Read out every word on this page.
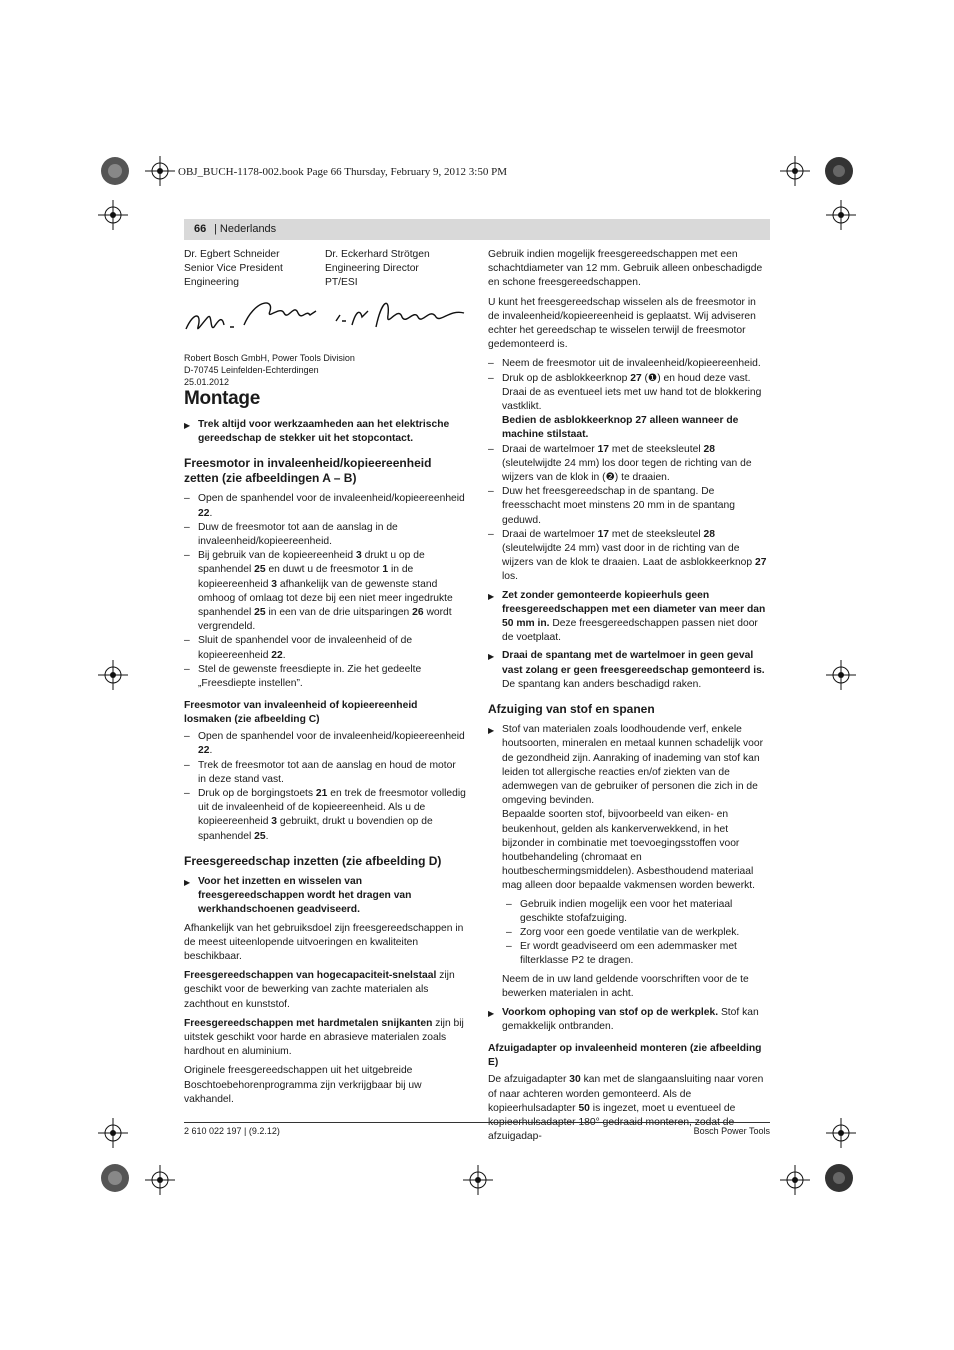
OBJ_BUCH-1178-002.book Page 66 Thursday, February 9, 2012 3:50 PM
66 | Nederlands
Dr. Egbert Schneider
Senior Vice President
Engineering
Dr. Eckerhard Strötgen
Engineering Director
PT/ESI
Robert Bosch GmbH, Power Tools Division
D-70745 Leinfelden-Echterdingen
25.01.2012
Montage
▶ Trek altijd voor werkzaamheden aan het elektrische gereedschap de stekker uit het stopcontact.
Freesmotor in invaleenheid/kopieereenheid zetten (zie afbeeldingen A – B)
– Open de spanhendel voor de invaleenheid/kopieereenheid 22.
– Duw de freesmotor tot aan de aanslag in de invaleenheid/kopieereenheid.
– Bij gebruik van de kopieereenheid 3 drukt u op de spanhendel 25 en duwt u de freesmotor 1 in de kopieereenheid 3 afhankelijk van de gewenste stand omhoog of omlaag tot deze bij een niet meer ingedrukte spanhendel 25 in een van de drie uitsparingen 26 wordt vergrendeld.
– Sluit de spanhendel voor de invaleenheid of de kopieereenheid 22.
– Stel de gewenste freesdiepte in. Zie het gedeelte „Freesdiepte instellen”.
Freesmotor van invaleenheid of kopieereenheid losmaken (zie afbeelding C)
– Open de spanhendel voor de invaleenheid/kopieereenheid 22.
– Trek de freesmotor tot aan de aanslag en houd de motor in deze stand vast.
– Druk op de borgingstoets 21 en trek de freesmotor volledig uit de invaleenheid of de kopieereenheid. Als u de kopieereenheid 3 gebruikt, drukt u bovendien op de spanhendel 25.
Freesgereedschap inzetten (zie afbeelding D)
▶ Voor het inzetten en wisselen van freesgereedschappen wordt het dragen van werkhandschoenen geadviseerd.

Afhankelijk van het gebruiksdoel zijn freesgereedschappen in de meest uiteenlopende uitvoeringen en kwaliteiten beschikbaar.

Freesgereedschappen van hogecapaciteit-snelstaal zijn geschikt voor de bewerking van zachte materialen als zachthout en kunststof.

Freesgereedschappen met hardmetalen snijkanten zijn bij uitstek geschikt voor harde en abrasieve materialen zoals hardhout en aluminium.

Originele freesgereedschappen uit het uitgebreide Boschtoebehorenprogramma zijn verkrijgbaar bij uw vakhandel.

Gebruik indien mogelijk freesgereedschappen met een schachtdiameter van 12 mm. Gebruik alleen onbeschadigde en schone freesgereedschappen.

U kunt het freesgereedschap wisselen als de freesmotor in de invaleenheid/kopieereenheid is geplaatst. Wij adviseren echter het gereedschap te wisselen terwijl de freesmotor gedemonteerd is.

– Neem de freesmotor uit de invaleenheid/kopieereenheid.
– Druk op de asblokkeerknop 27 (❶) en houd deze vast. Draai de as eventueel iets met uw hand tot de blokkering vastklikt.
Bedien de asblokkeerknop 27 alleen wanneer de machine stilstaat.
– Draai de wartelmoer 17 met de steeksleutel 28 (sleutelwijdte 24 mm) los door tegen de richting van de wijzers van de klok in (❷) te draaien.
– Duw het freesgereedschap in de spantang. De freesschacht moet minstens 20 mm in de spantang geduwd.
– Draai de wartelmoer 17 met de steeksleutel 28 (sleutelwijdte 24 mm) vast door in de richting van de wijzers van de klok te draaien. Laat de asblokkeerknop 27 los.
▶ Zet zonder gemonteerde kopieerhuls geen freesgereedschappen met een diameter van meer dan 50 mm in. Deze freesgereedschappen passen niet door de voetplaat.
▶ Draai de spantang met de wartelmoer in geen geval vast zolang er geen freesgereedschap gemonteerd is. De spantang kan anders beschadigd raken.
Afzuiging van stof en spanen
▶ Stof van materialen zoals loodhoudende verf, enkele houtsoorten, mineralen en metaal kunnen schadelijk voor de gezondheid zijn. Aanraking of inademing van stof kan leiden tot allergische reacties en/of ziekten van de ademwegen van de gebruiker of personen die zich in de omgeving bevinden.
Bepaalde soorten stof, bijvoorbeeld van eiken- en beukenhout, gelden als kankerverwekkend, in het bijzonder in combinatie met toevoegingsstoffen voor houtbehandeling (chromaat en houtbeschermingsmiddelen). Asbesthoudend materiaal mag alleen door bepaalde vakmensen worden bewerkt.
– Gebruik indien mogelijk een voor het materiaal geschikte stofafzuiging.
– Zorg voor een goede ventilatie van de werkplek.
– Er wordt geadviseerd om een ademmasker met filterklasse P2 te dragen.

Neem de in uw land geldende voorschriften voor de te bewerken materialen in acht.

▶ Voorkom ophoping van stof op de werkplek. Stof kan gemakkelijk ontbranden.
Afzuigadapter op invaleenheid monteren (zie afbeelding E)

De afzuigadapter 30 kan met de slangaansluiting naar voren of naar achteren worden gemonteerd. Als de kopieerhulsadapter 50 is ingezet, moet u eventueel de afzuigadap-

2 610 022 197 | (9.2.12)	Bosch Power Tools
